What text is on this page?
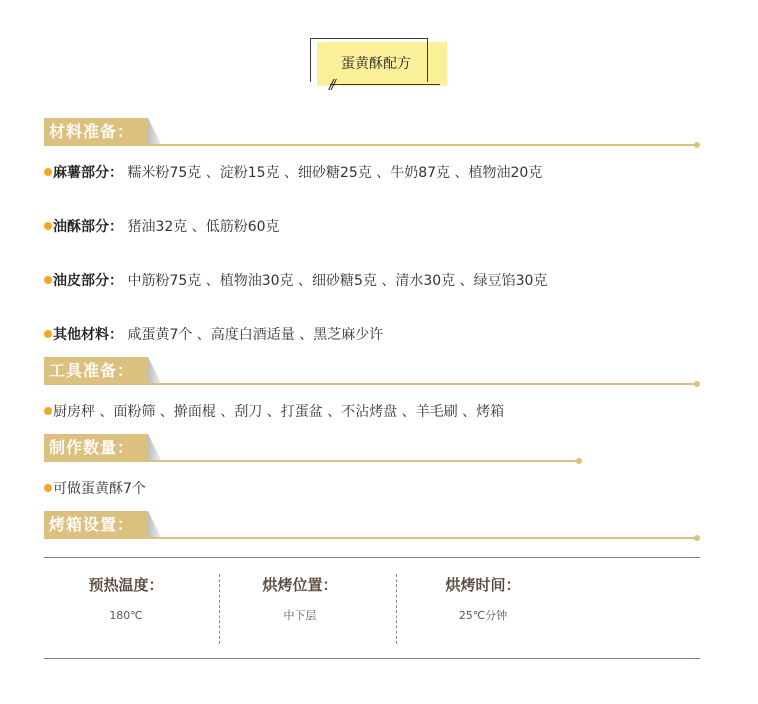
蛋黄酥配方
//
材料准备：
麻薯部分： 糯米粉75克 、淀粉15克 、细砂糖25克 、牛奶87克 、植物油20克
油酥部分： 猪油32克 、低筋粉60克
油皮部分： 中筋粉75克 、植物油30克 、细砂糖5克 、清水30克 、绿豆馅30克
其他材料： 咸蛋黄7个 、高度白酒适量 、黑芝麻少许
工具准备：
厨房秤 、面粉筛 、擀面棍 、刮刀 、打蛋盆 、不沾烤盘 、羊毛刷 、烤箱
制作数量：
可做蛋黄酥7个
烤箱设置：
预热温度：
180℃
烘烤位置：
中下层
烘烤时间：
25℃分钟
